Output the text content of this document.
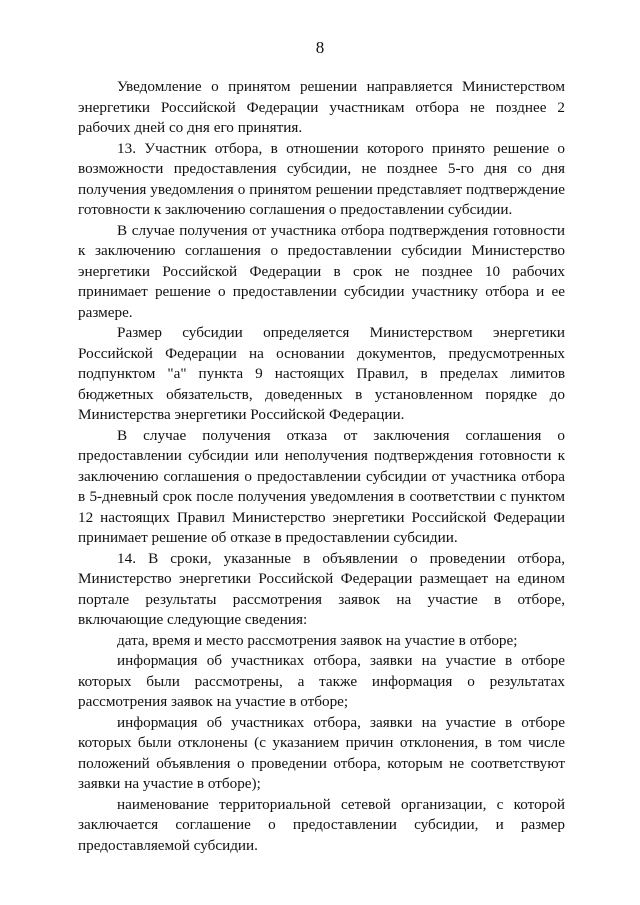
8

Уведомление о принятом решении направляется Министерством энергетики Российской Федерации участникам отбора не позднее 2 рабочих дней со дня его принятия.

13. Участник отбора, в отношении которого принято решение о возможности предоставления субсидии, не позднее 5-го дня со дня получения уведомления о принятом решении представляет подтверждение готовности к заключению соглашения о предоставлении субсидии.

В случае получения от участника отбора подтверждения готовности к заключению соглашения о предоставлении субсидии Министерство энергетики Российской Федерации в срок не позднее 10 рабочих принимает решение о предоставлении субсидии участнику отбора и ее размере.

Размер субсидии определяется Министерством энергетики Российской Федерации на основании документов, предусмотренных подпунктом "а" пункта 9 настоящих Правил, в пределах лимитов бюджетных обязательств, доведенных в установленном порядке до Министерства энергетики Российской Федерации.

В случае получения отказа от заключения соглашения о предоставлении субсидии или неполучения подтверждения готовности к заключению соглашения о предоставлении субсидии от участника отбора в 5-дневный срок после получения уведомления в соответствии с пунктом 12 настоящих Правил Министерство энергетики Российской Федерации принимает решение об отказе в предоставлении субсидии.

14. В сроки, указанные в объявлении о проведении отбора, Министерство энергетики Российской Федерации размещает на едином портале результаты рассмотрения заявок на участие в отборе, включающие следующие сведения:

дата, время и место рассмотрения заявок на участие в отборе;

информация об участниках отбора, заявки на участие в отборе которых были рассмотрены, а также информация о результатах рассмотрения заявок на участие в отборе;

информация об участниках отбора, заявки на участие в отборе которых были отклонены (с указанием причин отклонения, в том числе положений объявления о проведении отбора, которым не соответствуют заявки на участие в отборе);

наименование территориальной сетевой организации, с которой заключается соглашение о предоставлении субсидии, и размер предоставляемой субсидии.
